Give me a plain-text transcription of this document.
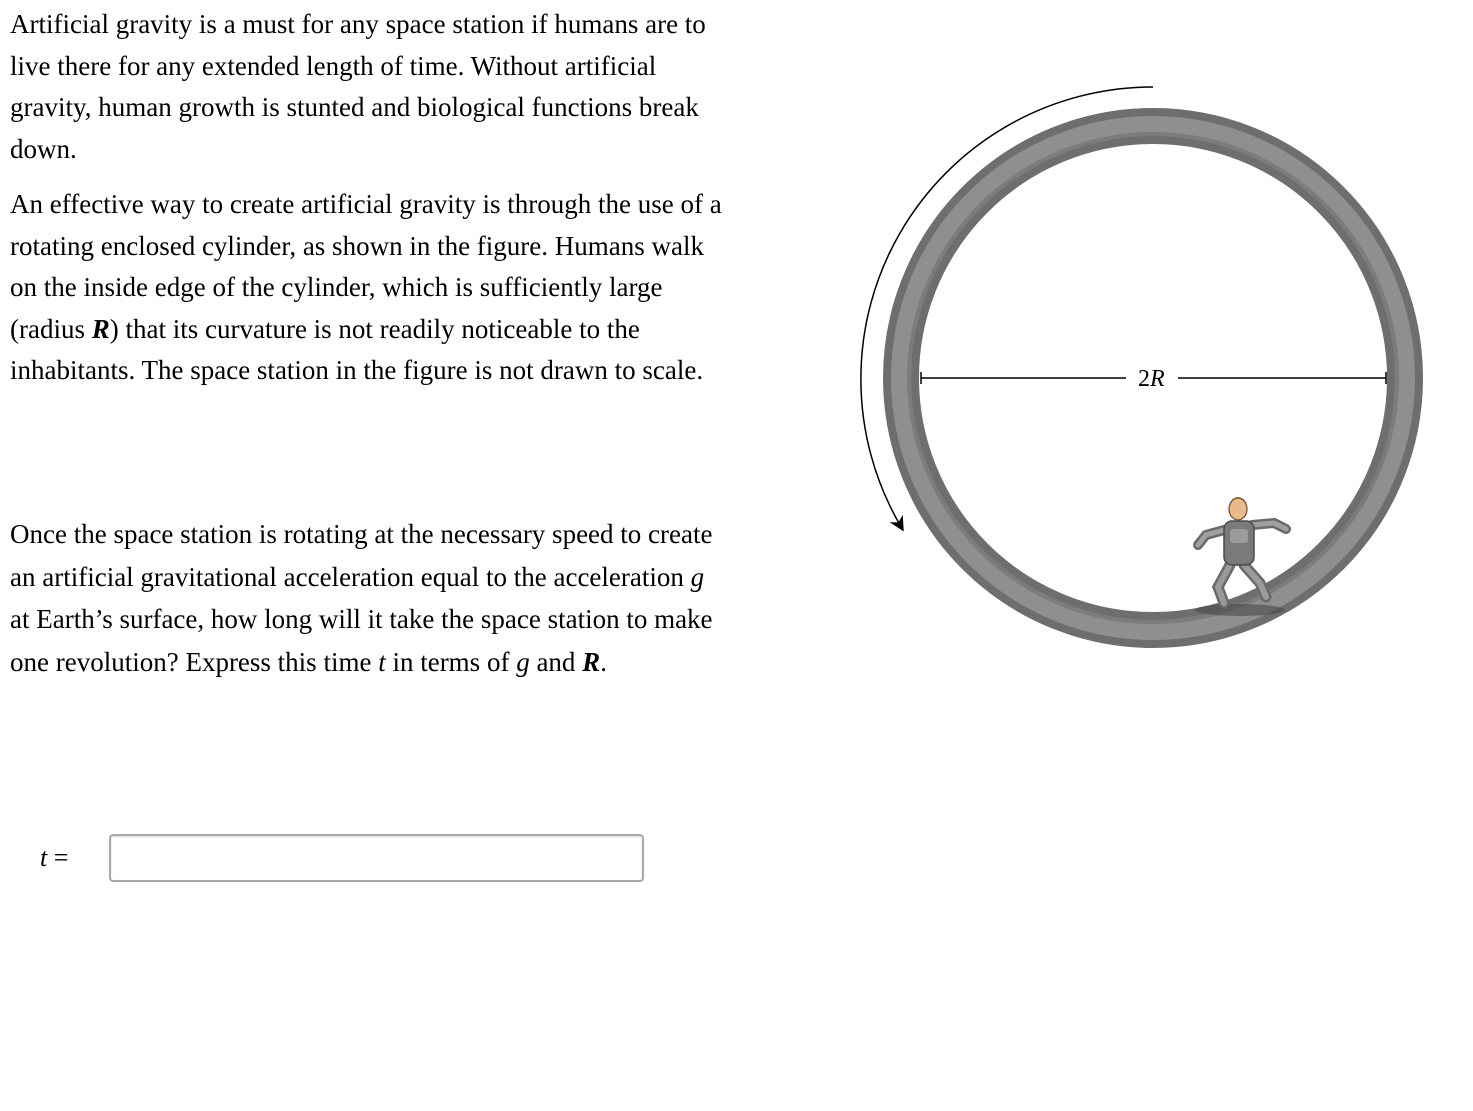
Artificial gravity is a must for any space station if humans are to live there for any extended length of time. Without artificial gravity, human growth is stunted and biological functions break down.

An effective way to create artificial gravity is through the use of a rotating enclosed cylinder, as shown in the figure. Humans walk on the inside edge of the cylinder, which is sufficiently large (radius R) that its curvature is not readily noticeable to the inhabitants. The space station in the figure is not drawn to scale.

Once the space station is rotating at the necessary speed to create an artificial gravitational acceleration equal to the acceleration g at Earth’s surface, how long will it take the space station to make one revolution? Express this time t in terms of g and R.

2R
t =
